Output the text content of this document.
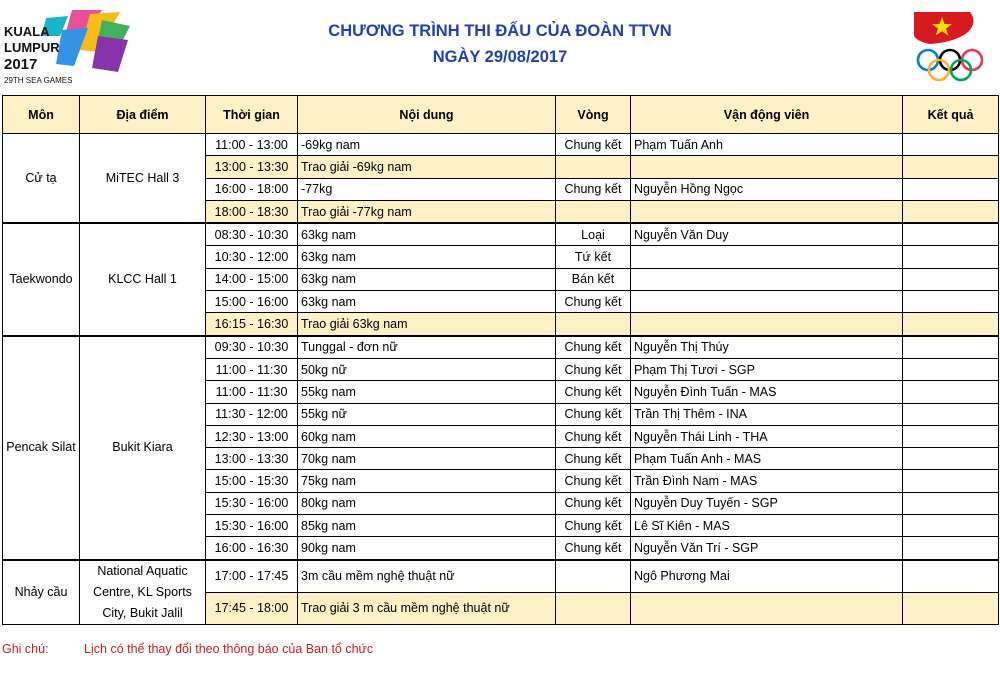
KUALA
LUMPUR
2017
29TH SEA GAMES
CHƯƠNG TRÌNH THI ĐẤU CỦA ĐOÀN TTVN
NGÀY 29/08/2017
Môn	Địa điểm	Thời gian	Nội dung	Vòng	Vận động viên	Kết quả
Cử tạ	MiTEC Hall 3	11:00 - 13:00	-69kg nam	Chung kết	Phạm Tuấn Anh	
		13:00 - 13:30	Trao giải -69kg nam			
		16:00 - 18:00	-77kg	Chung kết	Nguyễn Hồng Ngọc	
		18:00 - 18:30	Trao giải -77kg nam			
Taekwondo	KLCC Hall 1	08:30 - 10:30	63kg nam	Loại	Nguyễn Văn Duy	
		10:30 - 12:00	63kg nam	Tứ kết		
		14:00 - 15:00	63kg nam	Bán kết		
		15:00 - 16:00	63kg nam	Chung kết		
		16:15 - 16:30	Trao giải 63kg nam			
Pencak Silat	Bukit Kiara	09:30 - 10:30	Tunggal - đơn nữ	Chung kết	Nguyễn Thị Thúy	
		11:00 - 11:30	50kg nữ	Chung kết	Phạm Thị Tươi - SGP	
		11:00 - 11:30	55kg nam	Chung kết	Nguyễn Đình Tuấn - MAS	
		11:30 - 12:00	55kg nữ	Chung kết	Trần Thị Thêm - INA	
		12:30 - 13:00	60kg nam	Chung kết	Nguyễn Thái Linh - THA	
		13:00 - 13:30	70kg nam	Chung kết	Phạm Tuấn Anh - MAS	
		15:00 - 15:30	75kg nam	Chung kết	Trần Đình Nam - MAS	
		15:30 - 16:00	80kg nam	Chung kết	Nguyễn Duy Tuyến - SGP	
		15:30 - 16:00	85kg nam	Chung kết	Lê Sĩ Kiên - MAS	
		16:00 - 16:30	90kg nam	Chung kết	Nguyễn Văn Trí - SGP	
Nhảy cầu	National Aquatic Centre, KL Sports City, Bukit Jalil	17:00 - 17:45	3m cầu mềm nghệ thuật nữ		Ngô Phương Mai	
		17:45 - 18:00	Trao giải 3 m cầu mềm nghệ thuật nữ			
Ghi chú:	Lịch có thể thay đổi theo thông báo của Ban tổ chức
